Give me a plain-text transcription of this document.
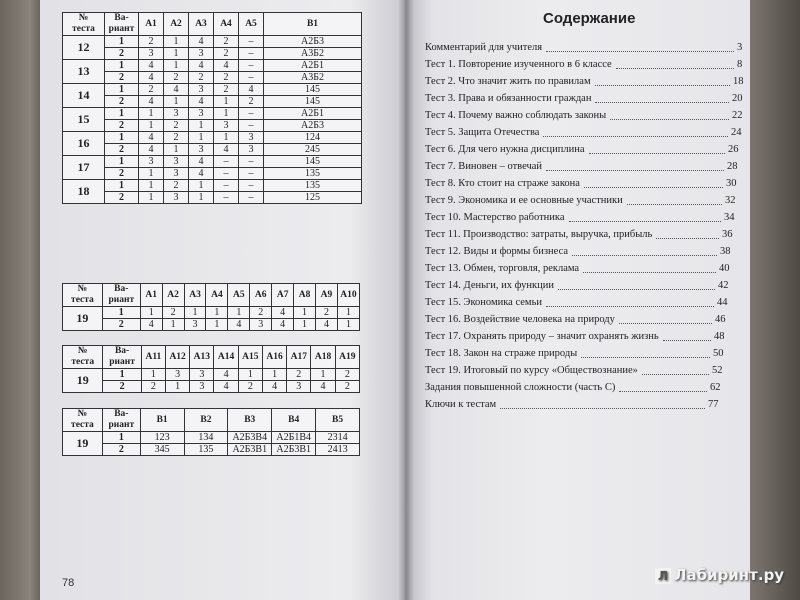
№
теста	Ва-
риант	А1	А2	А3	А4	А5	В1
12	1	2	1	4	2	–	А2Б3
	2	3	1	3	2	–	А3Б2
13	1	4	1	4	4	–	А2Б1
	2	4	2	2	2	–	А3Б2
14	1	2	4	3	2	4	145
	2	4	1	4	1	2	145
15	1	1	3	3	1	–	А2Б1
	2	1	2	1	3	–	А2Б3
16	1	4	2	1	1	3	124
	2	4	1	3	4	3	245
17	1	3	3	4	–	–	145
	2	1	3	4	–	–	135
18	1	1	2	1	–	–	135
	2	1	3	1	–	–	125
№
теста	Ва-
риант	А1	А2	А3	А4	А5	А6	А7	А8	А9	А10
19	1	1	2	1	1	1	2	4	1	2	1
	2	4	1	3	1	4	3	4	1	4	1
№
теста	Ва-
риант	А11	А12	А13	А14	А15	А16	А17	А18	А19
19	1	1	3	3	4	1	1	2	1	2
	2	2	1	3	4	2	4	3	4	2
№
теста	Ва-
риант	В1	В2	В3	В4	В5
19	1	123	134	А2Б3В4	А2Б1В4	2314
	2	345	135	А2Б3В1	А2Б3В1	2413
78
Содержание
Комментарий для учителя	3
Тест 1. Повторение изученного в 6 классе	8
Тест 2. Что значит жить по правилам	18
Тест 3. Права и обязанности граждан	20
Тест 4. Почему важно соблюдать законы	22
Тест 5. Защита Отечества	24
Тест 6. Для чего нужна дисциплина	26
Тест 7. Виновен – отвечай	28
Тест 8. Кто стоит на страже закона	30
Тест 9. Экономика и ее основные участники	32
Тест 10. Мастерство работника	34
Тест 11. Производство: затраты, выручка, прибыль	36
Тест 12. Виды и формы бизнеса	38
Тест 13. Обмен, торговля, реклама	40
Тест 14. Деньги, их функции	42
Тест 15. Экономика семьи	44
Тест 16. Воздействие человека на природу	46
Тест 17. Охранять природу – значит охранять жизнь	48
Тест 18. Закон на страже природы	50
Тест 19. Итоговый по курсу «Обществознание»	52
Задания повышенной сложности (часть С)	62
Ключи к тестам	77
Л Лабиринт.ру
